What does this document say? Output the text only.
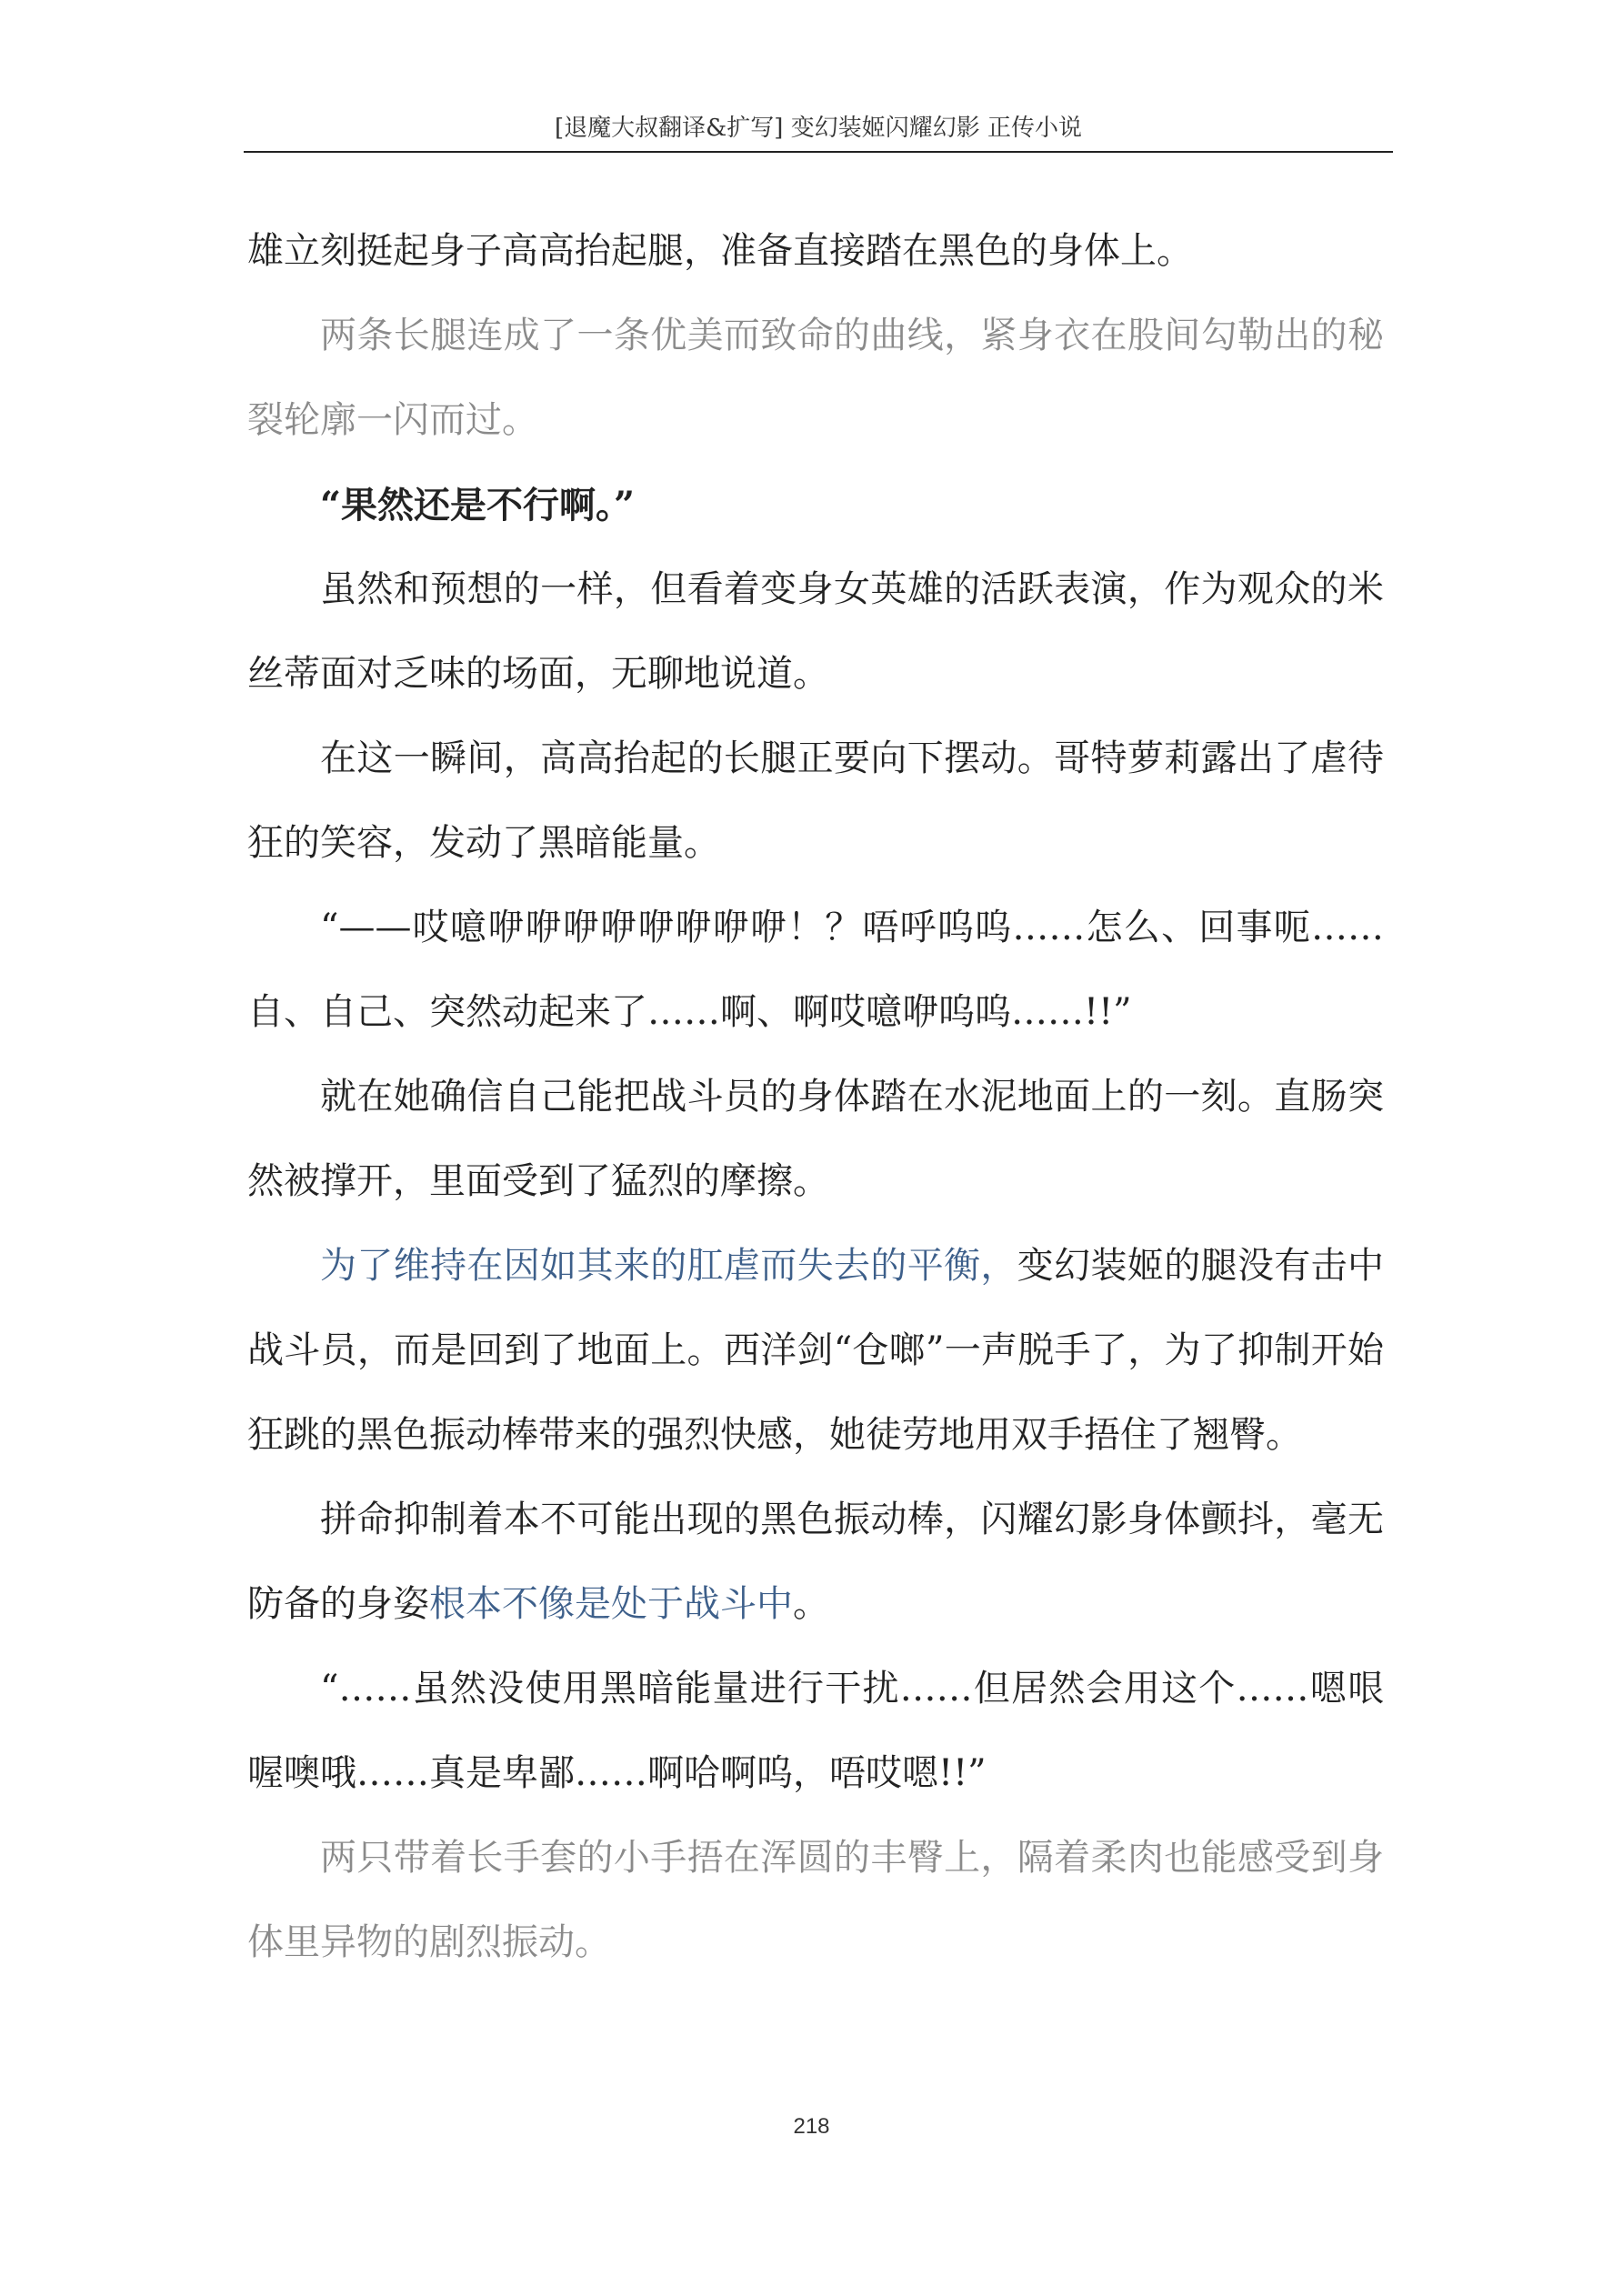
[退魔大叔翻译&扩写] 变幻装姬闪耀幻影 正传小说

雄立刻挺起身子高高抬起腿，准备直接踏在黑色的身体上。

两条长腿连成了一条优美而致命的曲线，紧身衣在股间勾勒出的秘裂轮廓一闪而过。

“果然还是不行啊。”

虽然和预想的一样，但看着变身女英雄的活跃表演，作为观众的米丝蒂面对乏味的场面，无聊地说道。

在这一瞬间，高高抬起的长腿正要向下摆动。哥特萝莉露出了虐待狂的笑容，发动了黑暗能量。

“——哎噫咿咿咿咿咿咿咿咿！？唔呼呜呜……怎么、回事呃……自、自己、突然动起来了……啊、啊哎噫咿呜呜……!!”

就在她确信自己能把战斗员的身体踏在水泥地面上的一刻。直肠突然被撑开，里面受到了猛烈的摩擦。

为了维持在因如其来的肛虐而失去的平衡，变幻装姬的腿没有击中战斗员，而是回到了地面上。西洋剑“仓啷”一声脱手了，为了抑制开始狂跳的黑色振动棒带来的强烈快感，她徒劳地用双手捂住了翘臀。

拼命抑制着本不可能出现的黑色振动棒，闪耀幻影身体颤抖，毫无防备的身姿根本不像是处于战斗中。

“……虽然没使用黑暗能量进行干扰……但居然会用这个……嗯哏喔噢哦……真是卑鄙……啊哈啊呜，唔哎嗯!!”

两只带着长手套的小手捂在浑圆的丰臀上，隔着柔肉也能感受到身体里异物的剧烈振动。

218
